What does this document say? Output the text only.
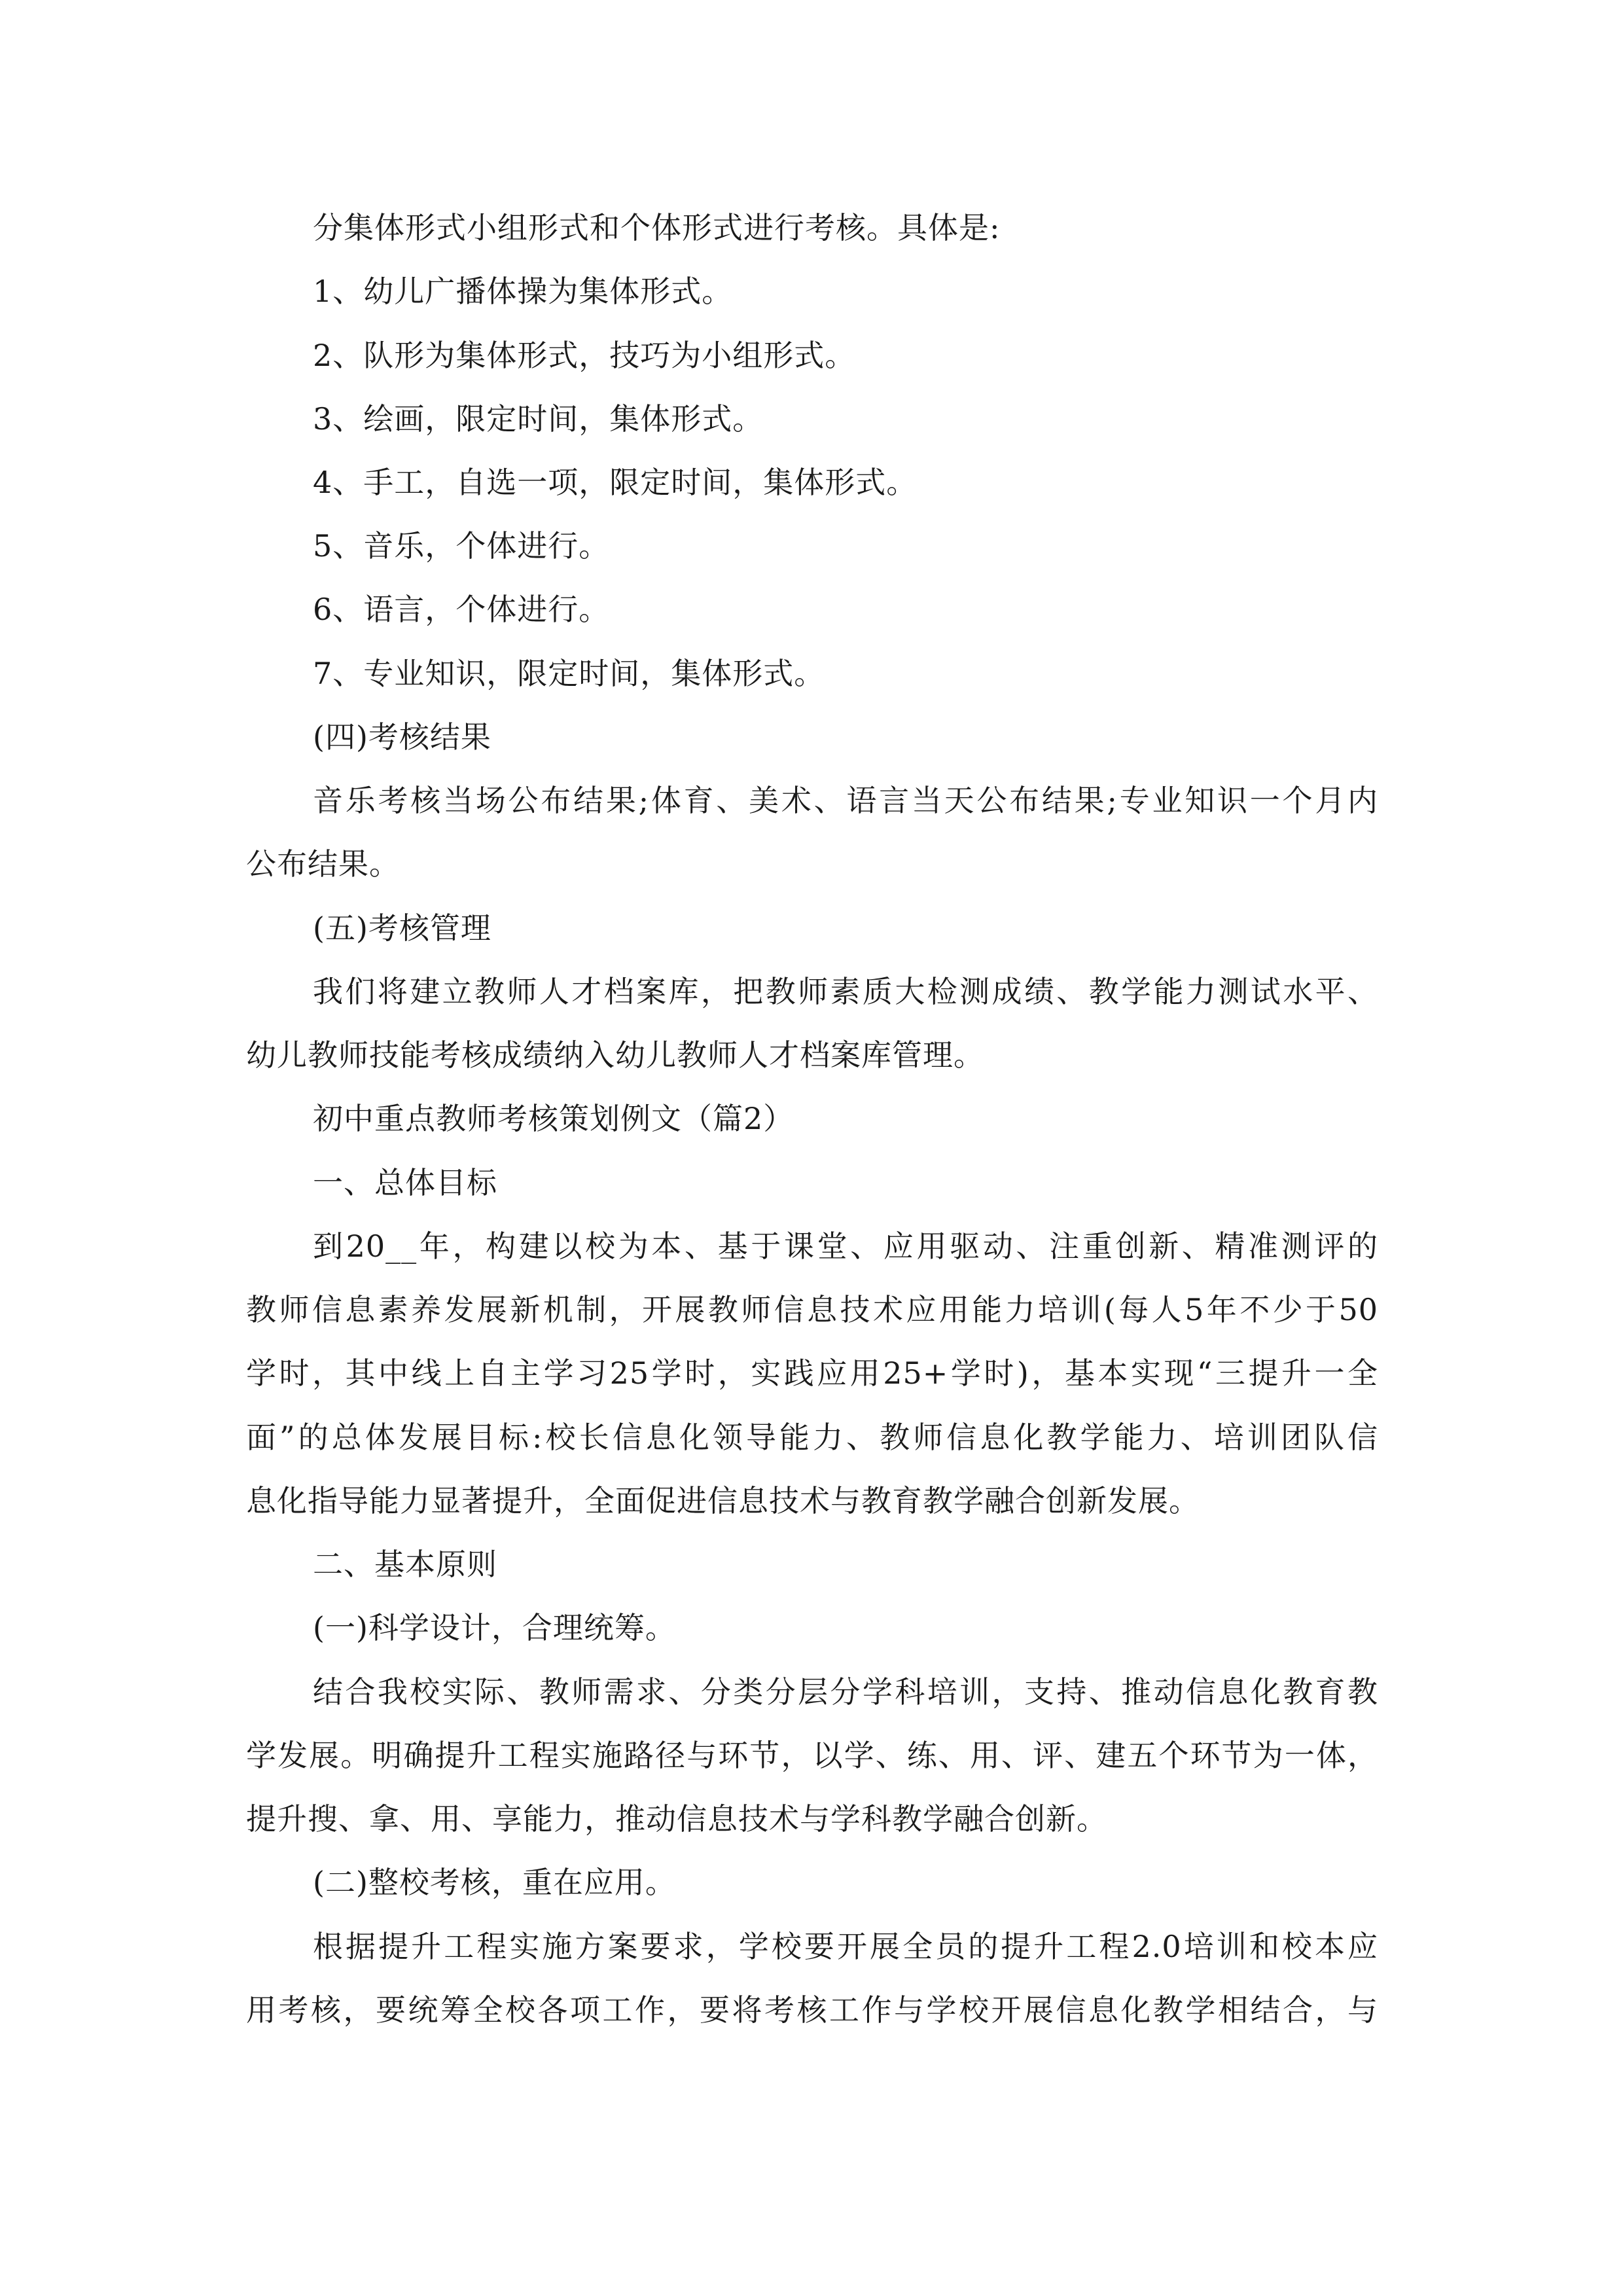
分集体形式小组形式和个体形式进行考核。具体是:

1、幼儿广播体操为集体形式。

2、队形为集体形式，技巧为小组形式。

3、绘画，限定时间，集体形式。

4、手工，自选一项，限定时间，集体形式。

5、音乐，个体进行。

6、语言，个体进行。

7、专业知识，限定时间，集体形式。

(四)考核结果

音乐考核当场公布结果;体育、美术、语言当天公布结果;专业知识一个月内

公布结果。

(五)考核管理

我们将建立教师人才档案库，把教师素质大检测成绩、教学能力测试水平、

幼儿教师技能考核成绩纳入幼儿教师人才档案库管理。

初中重点教师考核策划例文（篇2）

一、总体目标

到20__年，构建以校为本、基于课堂、应用驱动、注重创新、精准测评的

教师信息素养发展新机制，开展教师信息技术应用能力培训(每人5年不少于50

学时，其中线上自主学习25学时，实践应用25+学时)，基本实现“三提升一全

面”的总体发展目标:校长信息化领导能力、教师信息化教学能力、培训团队信

息化指导能力显著提升，全面促进信息技术与教育教学融合创新发展。

二、基本原则

(一)科学设计，合理统筹。

结合我校实际、教师需求、分类分层分学科培训，支持、推动信息化教育教

学发展。明确提升工程实施路径与环节，以学、练、用、评、建五个环节为一体，

提升搜、拿、用、享能力，推动信息技术与学科教学融合创新。

(二)整校考核，重在应用。

根据提升工程实施方案要求，学校要开展全员的提升工程2.0培训和校本应

用考核，要统筹全校各项工作，要将考核工作与学校开展信息化教学相结合，与
